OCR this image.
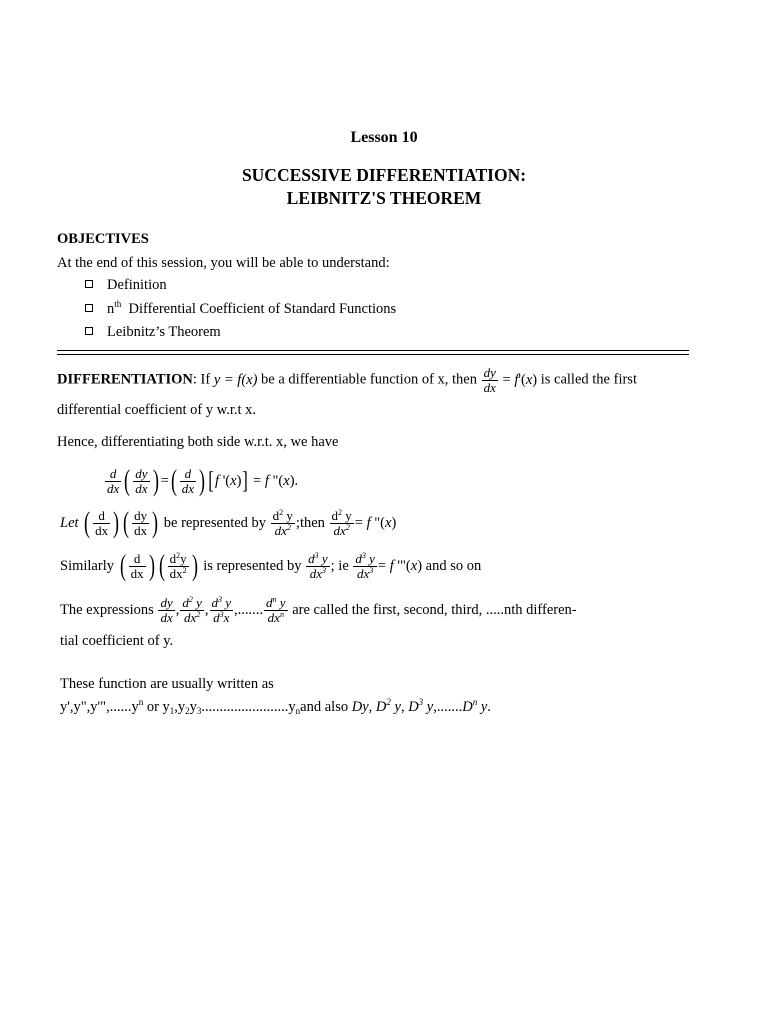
Lesson 10
SUCCESSIVE DIFFERENTIATION:
LEIBNITZ'S THEOREM
OBJECTIVES
At the end of this session, you will be able to understand:
Definition
$n^{th}$ Differential Coefficient of Standard Functions
Leibnitz’s Theorem
DIFFERENTIATION: If y = f(x) be a differentiable function of x, then $\frac{dy}{dx} = f'(x)$ is called the first
differential coefficient of y w.r.t x.
Hence, differentiating both side w.r.t. x, we have
$\frac{d}{dx}$ ( $\frac{dy}{dx}$ ) =( $\frac{d}{dx}$ ) [f '(x)] = f "(x).
Let ( $\frac{d}{dx}$ ) ( $\frac{dy}{dx}$ ) be represented by $\frac{d^2 y}{dx^2}$ ;then $\frac{d^2 y}{dx^2} = f$ "(x)
Similarly ( $\frac{d}{dx}$ ) ( $\frac{d^2y}{dx^2}$ ) is represented by $\frac{d^3 y}{dx^3}$ ; ie $\frac{d^3 y}{dx^3} = f$ '"(x) and so on
The expressions $\frac{dy}{dx}$ , $\frac{d^2 y}{dx^2}$ , $\frac{d^3 y}{d^3x}$ ,....... $\frac{d^n y}{dx^n}$ are called the first, second, third, .....nth differen-
tial coefficient of y.
These function are usually written as
$y',y",y'",......y^n$ or $y_1,y_2y_3........................y_nand$ also Dy, $D^2$ y, $D^3$ $y,.......D^n$ y.
